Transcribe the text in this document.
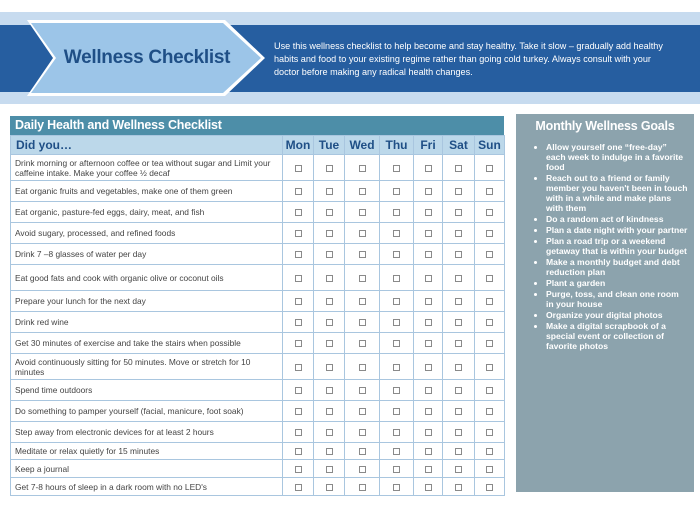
Wellness Checklist
Use this wellness checklist to help become and stay healthy. Take it slow – gradually add healthy habits and food to your existing regime rather than going cold turkey. Always consult with your doctor before making any radical health changes.
Daily Health and Wellness Checklist
Did you…	Mon	Tue	Wed	Thu	Fri	Sat	Sun
Drink morning or afternoon coffee or tea without sugar and Limit your caffeine intake. Make your coffee ½ decaf							
Eat organic fruits and vegetables, make one of them green							
Eat organic, pasture-fed eggs, dairy, meat, and fish							
Avoid sugary, processed, and refined foods							
Drink 7 –8 glasses of water per day							
Eat good fats and cook with organic olive or coconut oils							
Prepare your lunch for the next day							
Drink red wine							
Get 30 minutes of exercise and take the stairs when possible							
Avoid continuously sitting for 50 minutes. Move or stretch for 10 minutes							
Spend time outdoors							
Do something to pamper yourself (facial, manicure, foot soak)							
Step away from electronic devices for at least 2 hours							
Meditate or relax quietly for 15 minutes							
Keep a journal							
Get 7-8 hours of sleep in a dark room with no LED's							
Monthly Wellness Goals
• Allow yourself one “free-day” each week to indulge in a favorite food
• Reach out to a friend or family member you haven't been in touch with in a while and make plans with them
• Do a random act of kindness
• Plan a date night with your partner
• Plan a road trip or a weekend getaway that is within your budget
• Make a monthly budget and debt reduction plan
• Plant a garden
• Purge, toss, and clean one room in your house
• Organize your digital photos
• Make a digital scrapbook of a special event or collection of favorite photos
